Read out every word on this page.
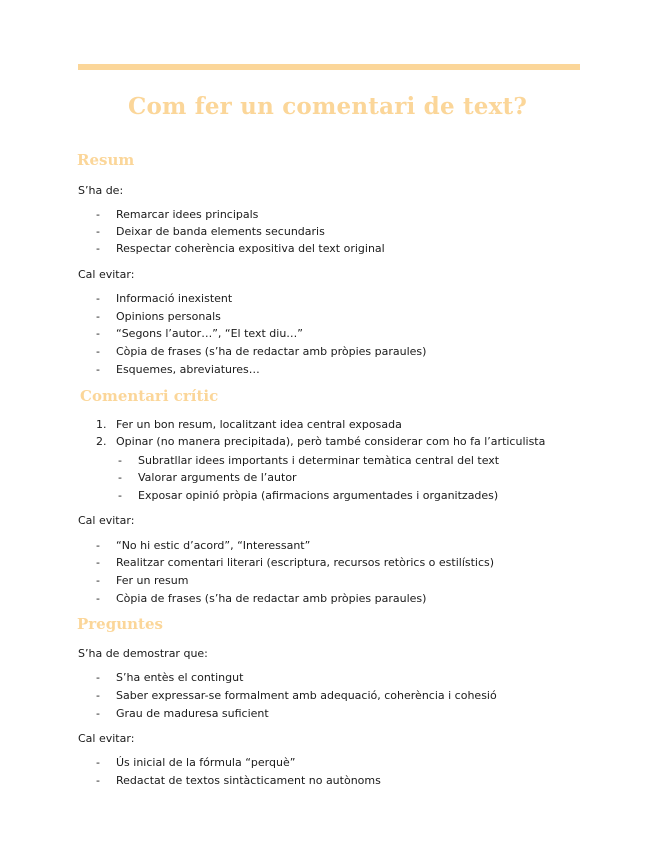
Com fer un comentari de text?
Resum
S’ha de:
- Remarcar idees principals
- Deixar de banda elements secundaris
- Respectar coherència expositiva del text original
Cal evitar:
- Informació inexistent
- Opinions personals
- “Segons l’autor…”, “El text diu…”
- Còpia de frases (s’ha de redactar amb pròpies paraules)
- Esquemes, abreviatures…
Comentari crític
1. Fer un bon resum, localitzant idea central exposada
2. Opinar (no manera precipitada), però també considerar com ho fa l’articulista
- Subratllar idees importants i determinar temàtica central del text
- Valorar arguments de l’autor
- Exposar opinió pròpia (afirmacions argumentades i organitzades)
Cal evitar:
- “No hi estic d’acord”, “Interessant”
- Realitzar comentari literari (escriptura, recursos retòrics o estilístics)
- Fer un resum
- Còpia de frases (s’ha de redactar amb pròpies paraules)
Preguntes
S’ha de demostrar que:
- S’ha entès el contingut
- Saber expressar-se formalment amb adequació, coherència i cohesió
- Grau de maduresa suficient
Cal evitar:
- Ús inicial de la fórmula “perquè”
- Redactat de textos sintàcticament no autònoms
